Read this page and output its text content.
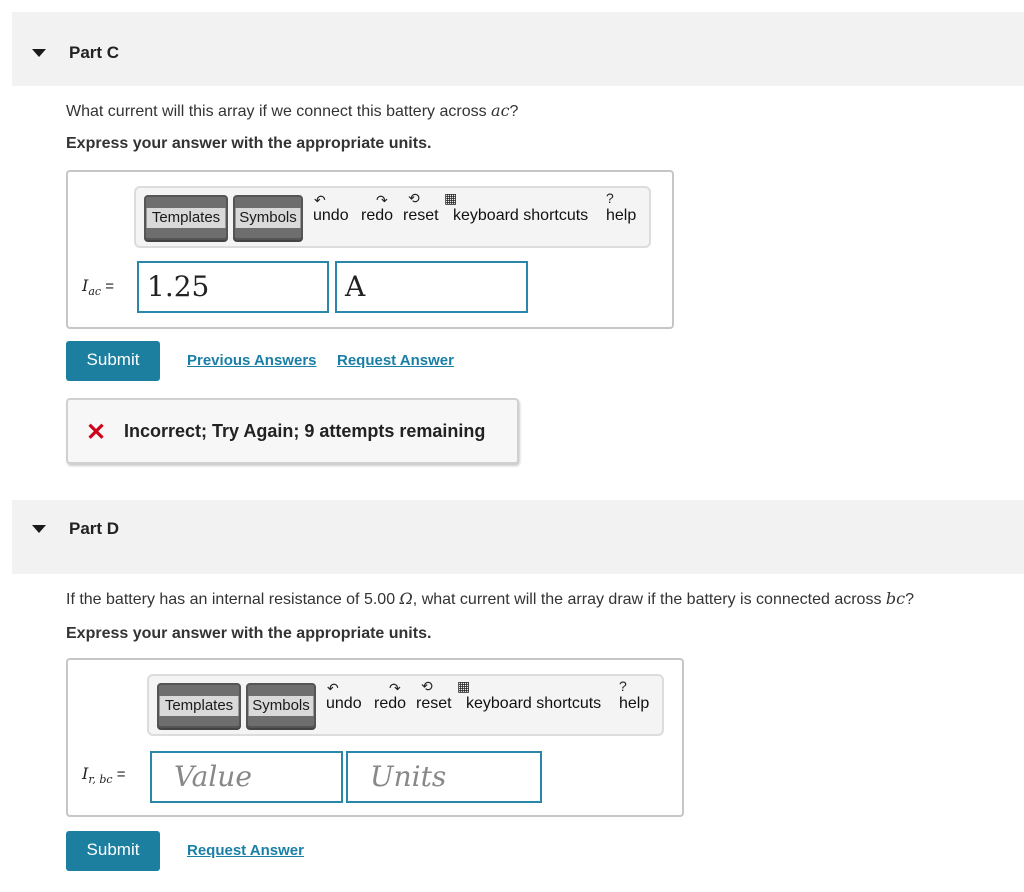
Part C
What current will this array if we connect this battery across ac?
Express your answer with the appropriate units.
Templates	Symbols
↶
undo
↷
redo
⟲
reset
▦
keyboard shortcuts
?
help
$I_{ac}$ =	1.25	A
Submit	Previous Answers Request Answer
✕ Incorrect; Try Again; 9 attempts remaining
Part D
If the battery has an internal resistance of 5.00 Ω, what current will the array draw if the battery is connected across bc?
Express your answer with the appropriate units.
Templates	Symbols
↶
undo
↷
redo
⟲
reset
▦
keyboard shortcuts
?
help
$I_{r, bc}$ =	Value	Units
Submit	Request Answer
